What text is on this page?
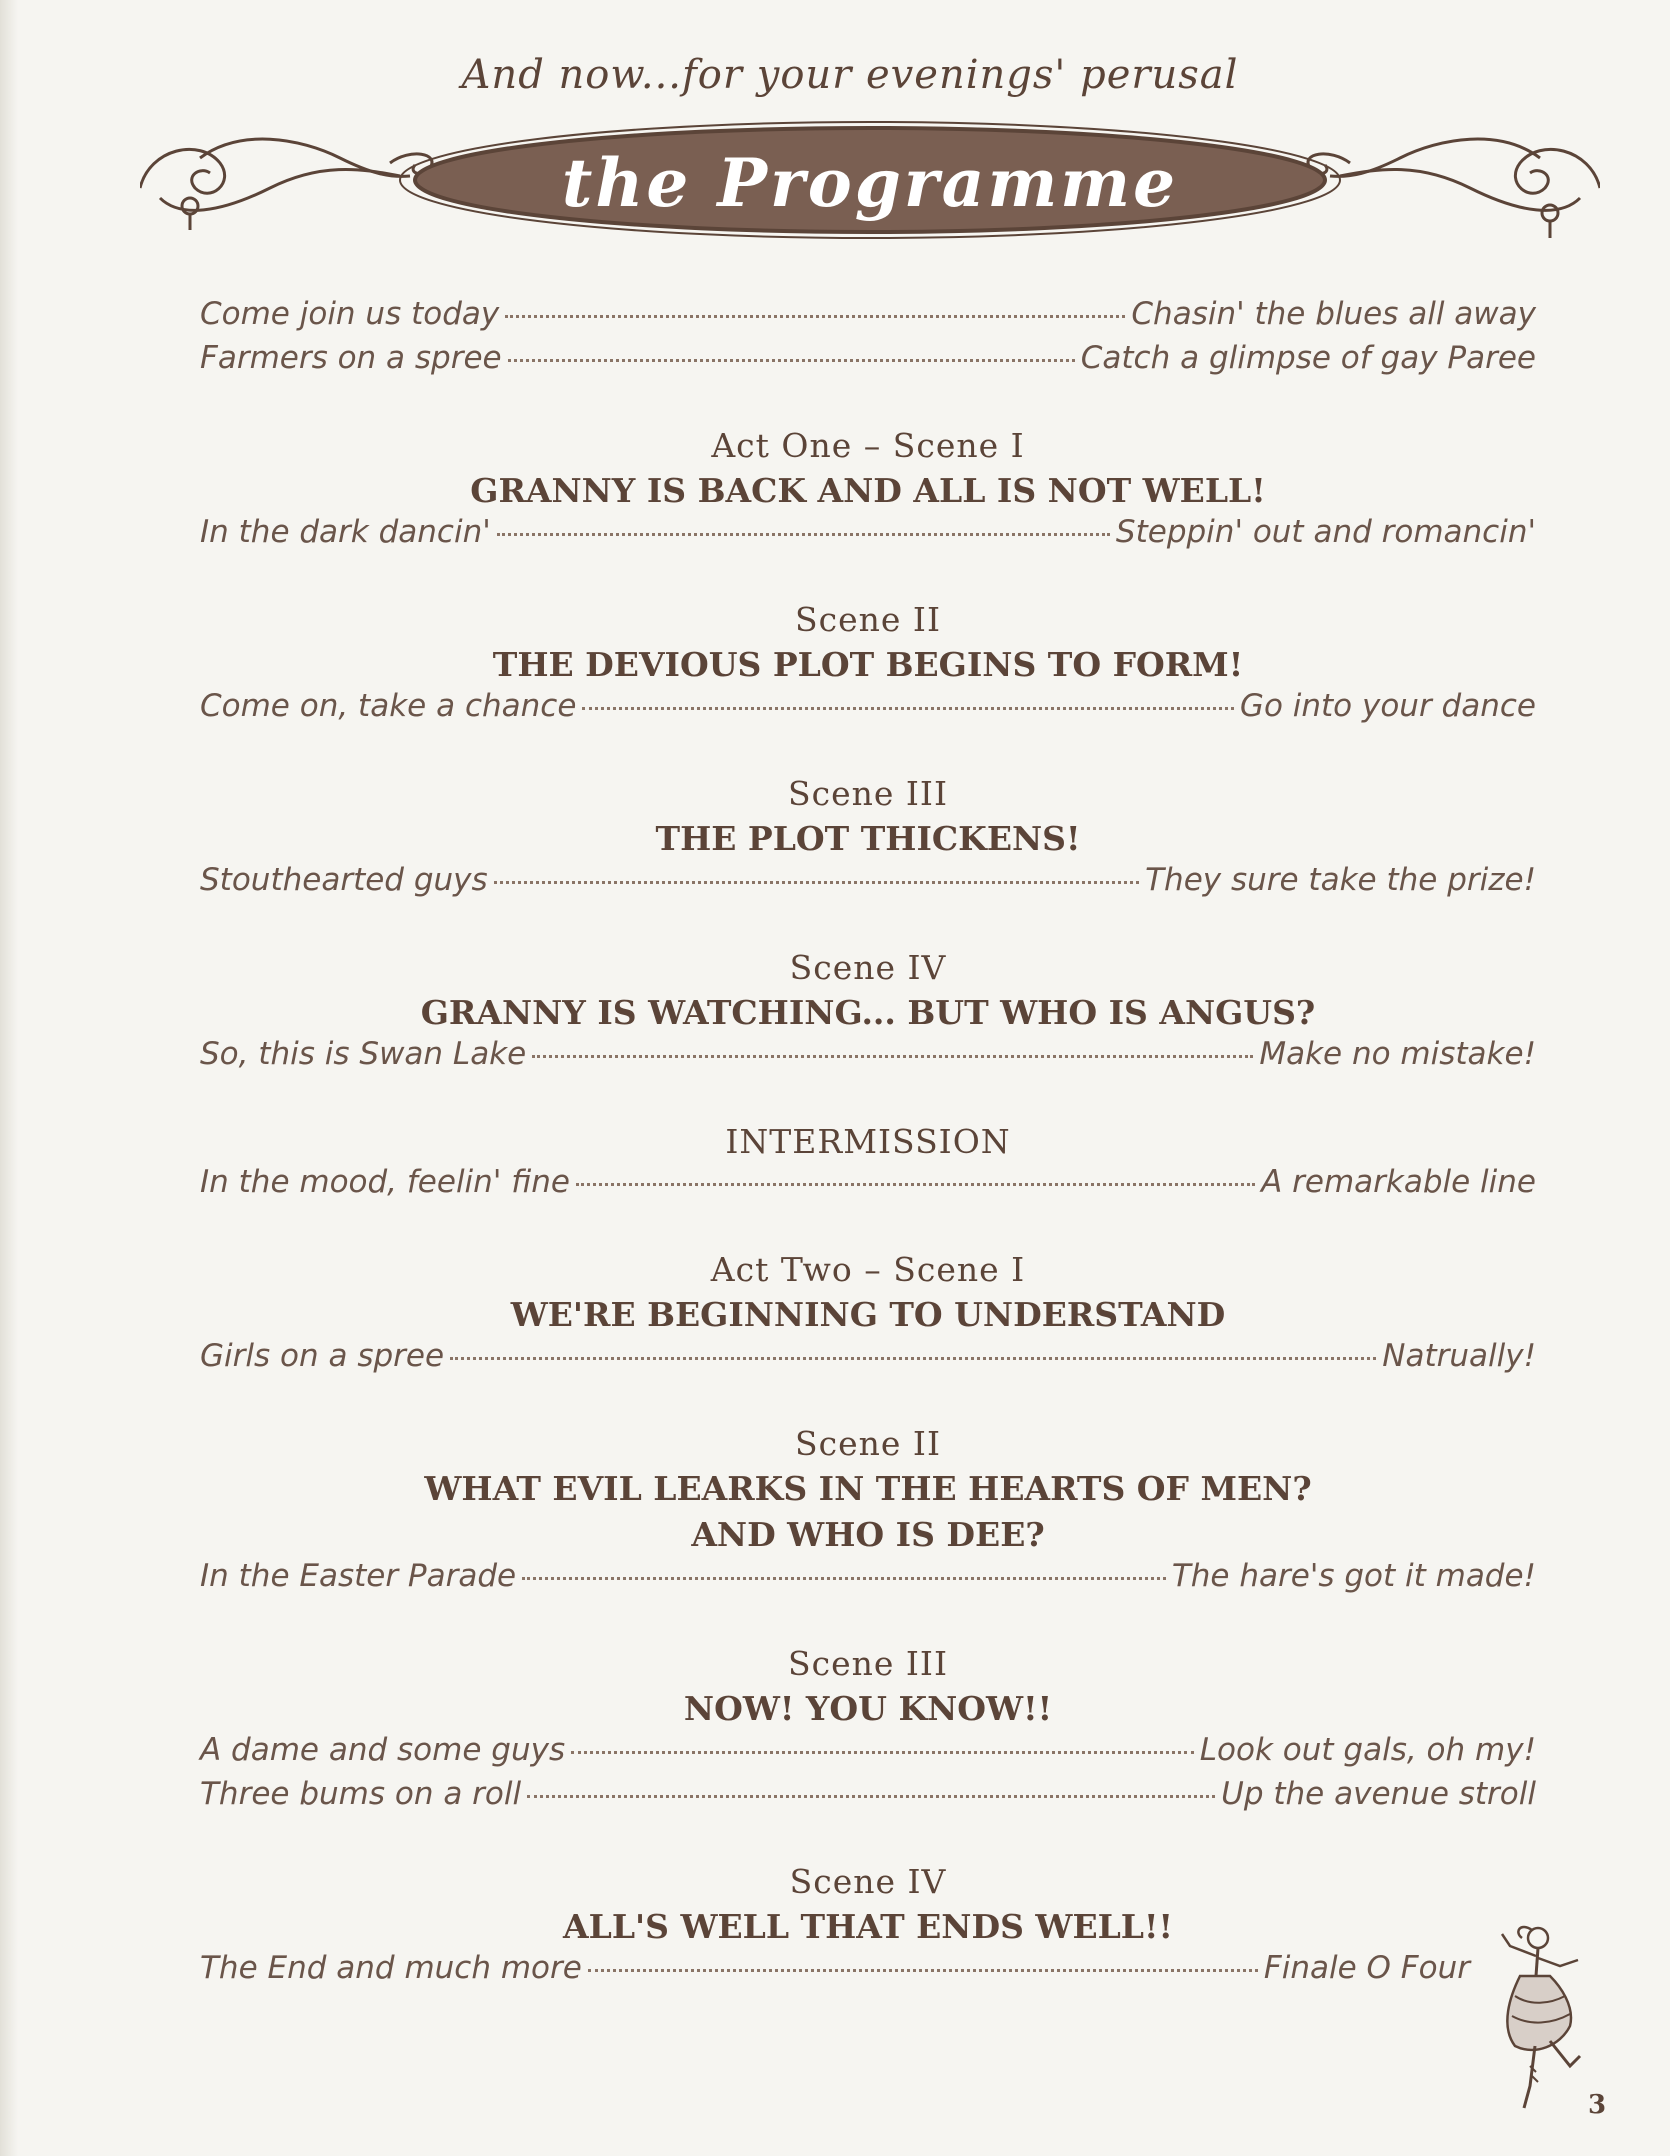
And now...for your evenings' perusal
the Programme
Come join us today	Chasin' the blues all away
Farmers on a spree	Catch a glimpse of gay Paree
Act One – Scene I
GRANNY IS BACK AND ALL IS NOT WELL!
In the dark dancin'	Steppin' out and romancin'
Scene II
THE DEVIOUS PLOT BEGINS TO FORM!
Come on, take a chance	Go into your dance
Scene III
THE PLOT THICKENS!
Stouthearted guys	They sure take the prize!
Scene IV
GRANNY IS WATCHING... BUT WHO IS ANGUS?
So, this is Swan Lake	Make no mistake!
INTERMISSION
In the mood, feelin' fine	A remarkable line
Act Two – Scene I
WE'RE BEGINNING TO UNDERSTAND
Girls on a spree	Natrually!
Scene II
WHAT EVIL LEARKS IN THE HEARTS OF MEN?
AND WHO IS DEE?
In the Easter Parade	The hare's got it made!
Scene III
NOW! YOU KNOW!!
A dame and some guys	Look out gals, oh my!
Three bums on a roll	Up the avenue stroll
Scene IV
ALL'S WELL THAT ENDS WELL!!
The End and much more	Finale O Four
3
